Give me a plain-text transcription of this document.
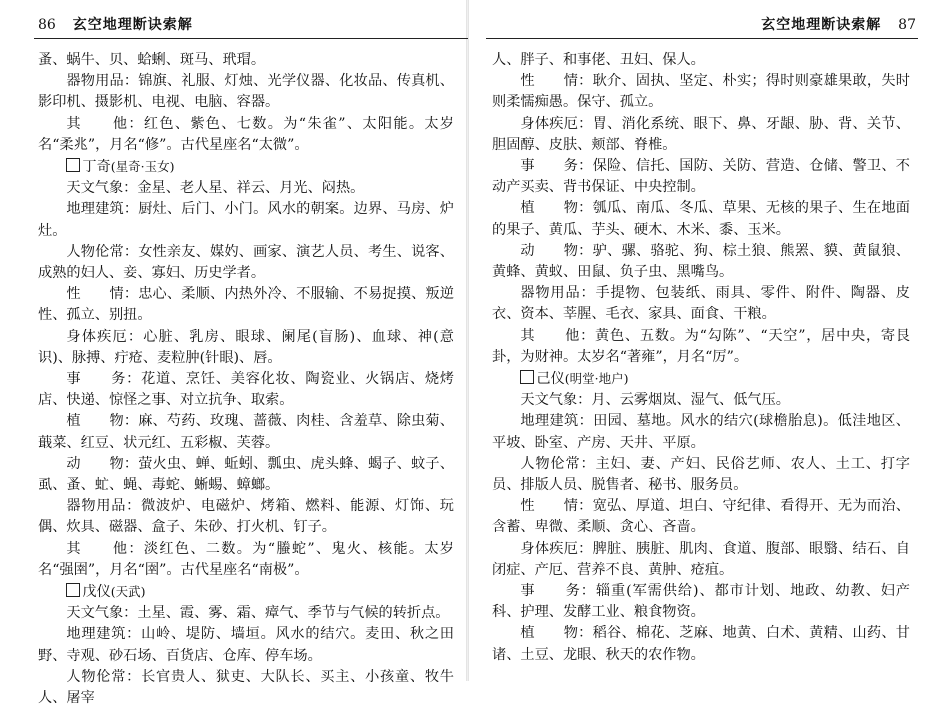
86 玄空地理断诀索解

蚤、蜗牛、贝、蛤蜊、斑马、玳瑁。

器物用品：锦旗、礼服、灯烛、光学仪器、化妆品、传真机、影印机、摄影机、电视、电脑、容器。

其　　他：红色、紫色、七数。为“朱雀”、太阳能。太岁名“柔兆”，月名“修”。古代星座名“太微”。

丁奇(星奇·玉女)

天文气象：金星、老人星、祥云、月光、闷热。

地理建筑：厨灶、后门、小门。风水的朝案。边界、马房、炉灶。

人物伦常：女性亲友、媒妁、画家、演艺人员、考生、说客、成熟的妇人、妾、寡妇、历史学者。

性　　情：忠心、柔顺、内热外冷、不服输、不易捉摸、叛逆性、孤立、别扭。

身体疾厄：心脏、乳房、眼球、阑尾(盲肠)、血球、神(意识)、脉搏、疔疮、麦粒肿(针眼)、唇。

事　　务：花道、烹饪、美容化妆、陶瓷业、火锅店、烧烤店、快递、惊怪之事、对立抗争、取索。

植　　物：麻、芍药、玫瑰、蔷薇、肉桂、含羞草、除虫菊、蕺菜、红豆、状元红、五彩椒、芙蓉。

动　　物：萤火虫、蝉、蚯蚓、瓢虫、虎头蜂、蝎子、蚊子、虱、蚤、虻、蝇、毒蛇、蜥蜴、蟑螂。

器物用品：微波炉、电磁炉、烤箱、燃料、能源、灯饰、玩偶、炊具、磁器、盒子、朱砂、打火机、钉子。

其　　他：淡红色、二数。为“螣蛇”、鬼火、核能。太岁名“强圉”，月名“圉”。古代星座名“南极”。

戊仪(天武)

天文气象：土星、霞、雾、霜、瘴气、季节与气候的转折点。

地理建筑：山岭、堤防、墙垣。风水的结穴。麦田、秋之田野、寺观、砂石场、百货店、仓库、停车场。

人物伦常：长官贵人、狱吏、大队长、买主、小孩童、牧牛人、屠宰

玄空地理断诀索解 87

人、胖子、和事佬、丑妇、保人。

性　　情：耿介、固执、坚定、朴实；得时则豪雄果敢，失时则柔懦痴愚。保守、孤立。

身体疾厄：胃、消化系统、眼下、鼻、牙龈、胁、背、关节、胆固醇、皮肤、颊部、脊椎。

事　　务：保险、信托、国防、关防、营造、仓储、警卫、不动产买卖、背书保证、中央控制。

植　　物：瓠瓜、南瓜、冬瓜、草果、无核的果子、生在地面的果子、黄瓜、芋头、硬木、木米、黍、玉米。

动　　物：驴、骡、骆驼、狗、棕土狼、熊罴、貘、黄鼠狼、黄蜂、黄蚁、田鼠、负子虫、黑嘴鸟。

器物用品：手提物、包装纸、雨具、零件、附件、陶器、皮衣、资本、莘腥、毛衣、家具、面食、干粮。

其　　他：黄色、五数。为“勾陈”、“天空”，居中央，寄艮卦，为财神。太岁名“著雍”，月名“厉”。

己仪(明堂·地户)

天文气象：月、云雾烟岚、湿气、低气压。

地理建筑：田园、墓地。风水的结穴(球檐胎息)。低洼地区、平坡、卧室、产房、天井、平原。

人物伦常：主妇、妻、产妇、民俗艺师、农人、土工、打字员、排版人员、脱售者、秘书、服务员。

性　　情：宽弘、厚道、坦白、守纪律、看得开、无为而治、含蓄、卑微、柔顺、贪心、吝啬。

身体疾厄：脾脏、胰脏、肌肉、食道、腹部、眼翳、结石、自闭症、产厄、营养不良、黄肿、疮疽。

事　　务：辎重(军需供给)、都市计划、地政、幼教、妇产科、护理、发酵工业、粮食物资。

植　　物：稻谷、棉花、芝麻、地黄、白术、黄精、山药、甘诸、土豆、龙眼、秋天的农作物。
